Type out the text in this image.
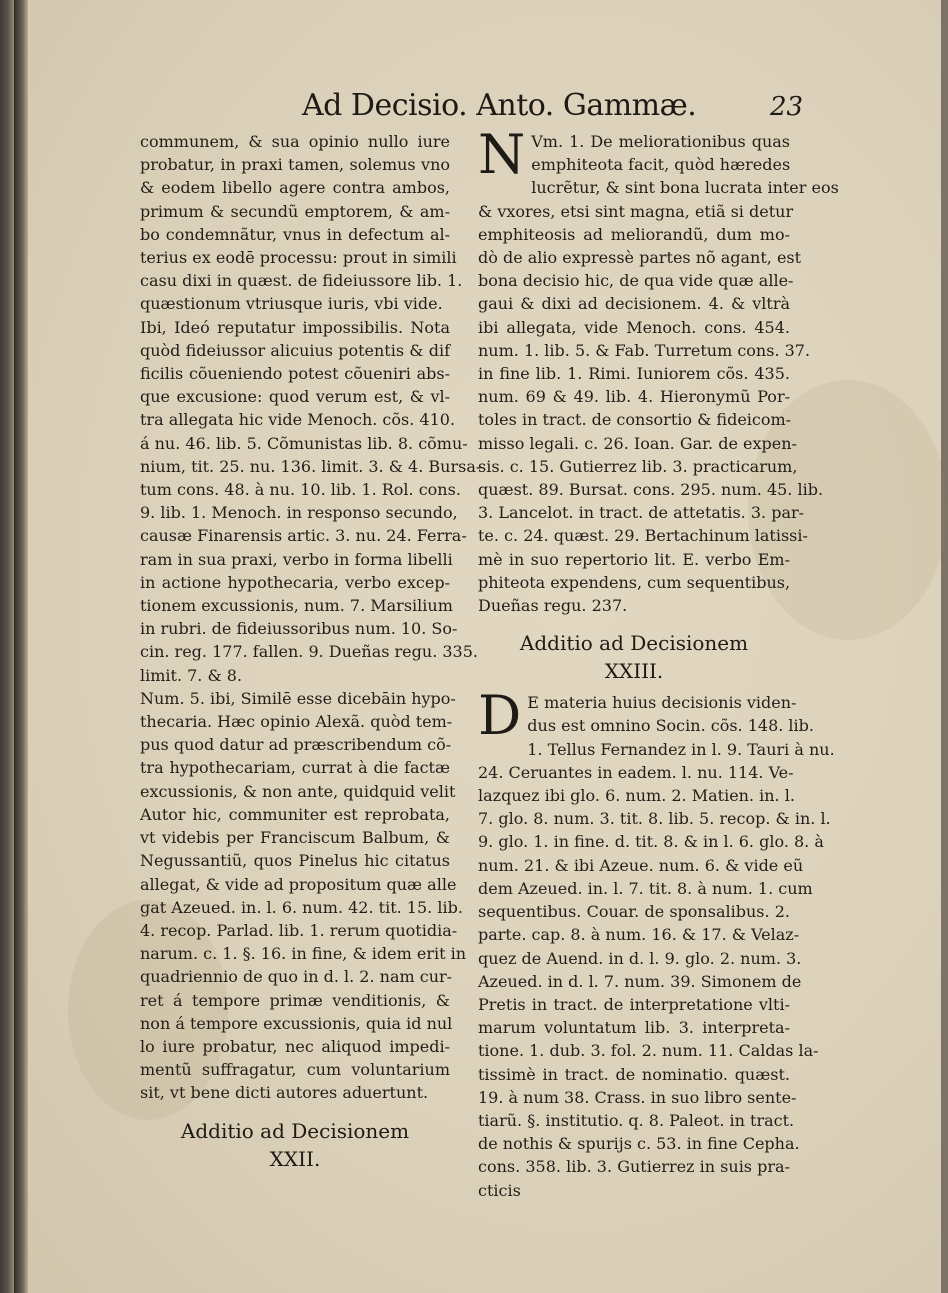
Ad Decisio. Anto. Gammæ.	23
communem, & sua opinio nullo iure
probatur, in praxi tamen, solemus vno
& eodem libello agere contra ambos,
primum & secundũ emptorem, & am-
bo condemnãtur, vnus in defectum al-
terius ex eodē processu: prout in simili
casu dixi in quæst. de fideiussore lib. 1.
quæstionum vtriusque iuris, vbi vide.
Ibi, Ideó reputatur impossibilis. Nota
quòd fideiussor alicuius potentis & dif
ficilis cõueniendo potest cõueniri abs-
que excusione: quod verum est, & vl-
tra allegata hic vide Menoch. cõs. 410.
á nu. 46. lib. 5. Cõmunistas lib. 8. cõmu-
nium, tit. 25. nu. 136. limit. 3. & 4. Bursa-
tum cons. 48. à nu. 10. lib. 1. Rol. cons.
9. lib. 1. Menoch. in responso secundo,
causæ Finarensis artic. 3. nu. 24. Ferra-
ram in sua praxi, verbo in forma libelli
in actione hypothecaria, verbo excep-
tionem excussionis, num. 7. Marsilium
in rubri. de fideiussoribus num. 10. So-
cin. reg. 177. fallen. 9. Dueñas regu. 335.
limit. 7. & 8.
Num. 5. ibi, Similē esse dicebāin hypo-
thecaria. Hæc opinio Alexã. quòd tem-
pus quod datur ad præscribendum cõ-
tra hypothecariam, currat à die factæ
excussionis, & non ante, quidquid velit
Autor hic, communiter est reprobata,
vt videbis per Franciscum Balbum, &
Negussantiũ, quos Pinelus hic citatus
allegat, & vide ad propositum quæ alle
gat Azeued. in. l. 6. num. 42. tit. 15. lib.
4. recop. Parlad. lib. 1. rerum quotidia-
narum. c. 1. §. 16. in fine, & idem erit in
quadriennio de quo in d. l. 2. nam cur-
ret á tempore primæ venditionis, &
non á tempore excussionis, quia id nul
lo iure probatur, nec aliquod impedi-
mentũ suffragatur, cum voluntarium
sit, vt bene dicti autores aduertunt.
Additio ad Decisionem
XXII.
N Vm. 1. De meliorationibus quas
emphiteota facit, quòd hæredes
lucrẽtur, & sint bona lucrata inter eos
& vxores, etsi sint magna, etiã si detur
emphiteosis ad meliorandũ, dum mo-
dò de alio expressè partes nõ agant, est
bona decisio hic, de qua vide quæ alle-
gaui & dixi ad decisionem. 4. & vltrà
ibi allegata, vide Menoch. cons. 454.
num. 1. lib. 5. & Fab. Turretum cons. 37.
in fine lib. 1. Rimi. Iuniorem cõs. 435.
num. 69 & 49. lib. 4. Hieronymũ Por-
toles in tract. de consortio & fideicom-
misso legali. c. 26. Ioan. Gar. de expen-
sis. c. 15. Gutierrez lib. 3. practicarum,
quæst. 89. Bursat. cons. 295. num. 45. lib.
3. Lancelot. in tract. de attetatis. 3. par-
te. c. 24. quæst. 29. Bertachinum latissi-
mè in suo repertorio lit. E. verbo Em-
phiteota expendens, cum sequentibus,
Dueñas regu. 237.
Additio ad Decisionem
XXIII.
D E materia huius decisionis viden-
dus est omnino Socin. cõs. 148. lib.
1. Tellus Fernandez in l. 9. Tauri à nu.
24. Ceruantes in eadem. l. nu. 114. Ve-
lazquez ibi glo. 6. num. 2. Matien. in. l.
7. glo. 8. num. 3. tit. 8. lib. 5. recop. & in. l.
9. glo. 1. in fine. d. tit. 8. & in l. 6. glo. 8. à
num. 21. & ibi Azeue. num. 6. & vide eũ
dem Azeued. in. l. 7. tit. 8. à num. 1. cum
sequentibus. Couar. de sponsalibus. 2.
parte. cap. 8. à num. 16. & 17. & Velaz-
quez de Auend. in d. l. 9. glo. 2. num. 3.
Azeued. in d. l. 7. num. 39. Simonem de
Pretis in tract. de interpretatione vlti-
marum voluntatum lib. 3. interpreta-
tione. 1. dub. 3. fol. 2. num. 11. Caldas la-
tissimè in tract. de nominatio. quæst.
19. à num 38. Crass. in suo libro sente-
tiarũ. §. institutio. q. 8. Paleot. in tract.
de nothis & spurijs c. 53. in fine Cepha.
cons. 358. lib. 3. Gutierrez in suis pra-
cticis
